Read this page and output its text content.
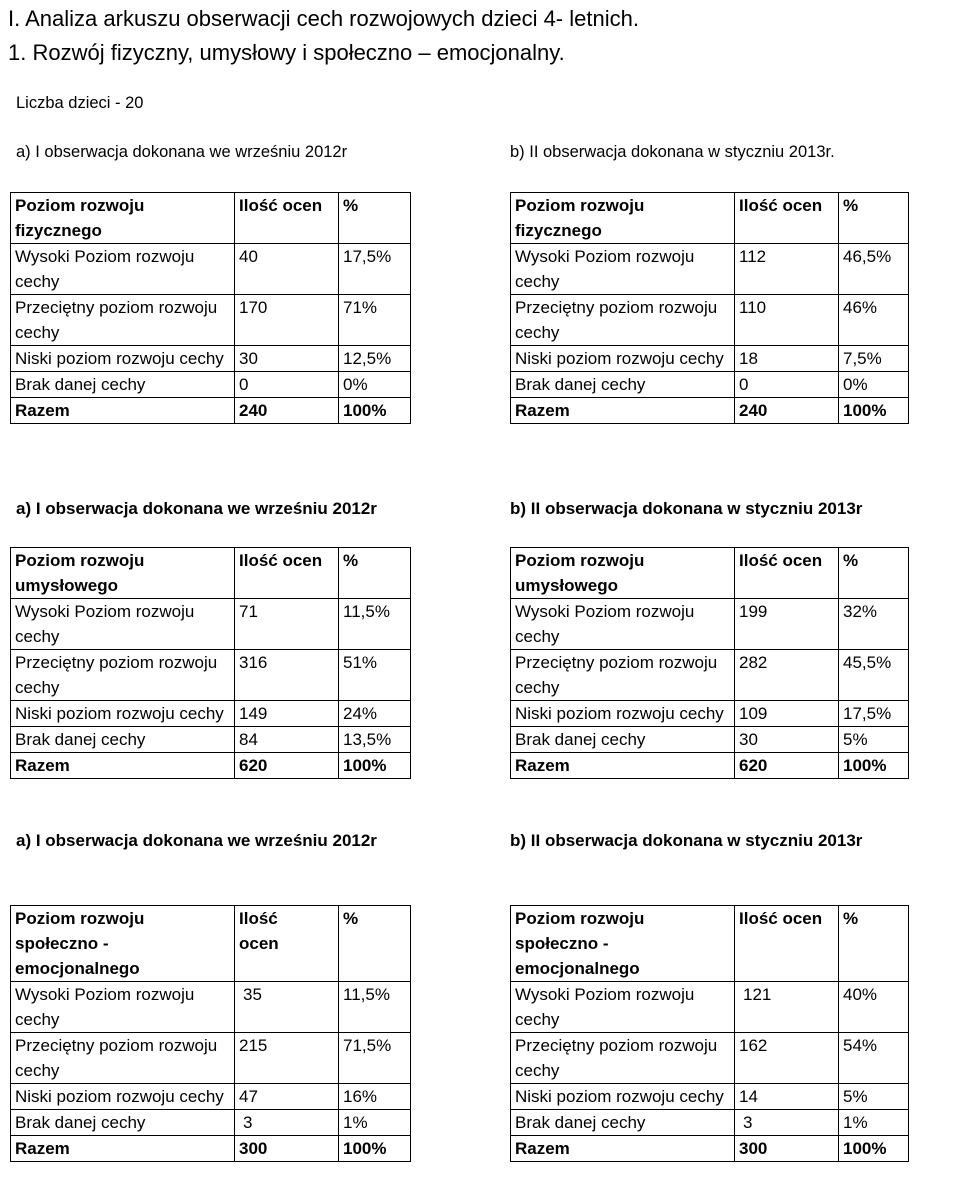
I. Analiza arkuszu obserwacji cech rozwojowych dzieci 4- letnich.
1. Rozwój fizyczny, umysłowy i społeczno – emocjonalny.
Liczba dzieci - 20
a) I obserwacja dokonana we wrześniu 2012r	b) II obserwacja dokonana w styczniu 2013r.
Poziom rozwoju fizycznego	Ilość ocen	%
Wysoki Poziom rozwoju cechy	40	17,5%
Przeciętny poziom rozwoju cechy	170	71%
Niski poziom rozwoju cechy	30	12,5%
Brak danej cechy	0	0%
Razem	240	100%
Poziom rozwoju fizycznego	Ilość ocen	%
Wysoki Poziom rozwoju cechy	112	46,5%
Przeciętny poziom rozwoju cechy	110	46%
Niski poziom rozwoju cechy	18	7,5%
Brak danej cechy	0	0%
Razem	240	100%
a) I obserwacja dokonana we wrześniu 2012r	b) II obserwacja dokonana w styczniu 2013r
Poziom rozwoju umysłowego	Ilość ocen	%
Wysoki Poziom rozwoju cechy	71	11,5%
Przeciętny poziom rozwoju cechy	316	51%
Niski poziom rozwoju cechy	149	24%
Brak danej cechy	84	13,5%
Razem	620	100%
Poziom rozwoju umysłowego	Ilość ocen	%
Wysoki Poziom rozwoju cechy	199	32%
Przeciętny poziom rozwoju cechy	282	45,5%
Niski poziom rozwoju cechy	109	17,5%
Brak danej cechy	30	5%
Razem	620	100%
a) I obserwacja dokonana we wrześniu 2012r	b) II obserwacja dokonana w styczniu 2013r
Poziom rozwoju społeczno - emocjonalnego	Ilość ocen	%
Wysoki Poziom rozwoju cechy	35	11,5%
Przeciętny poziom rozwoju cechy	215	71,5%
Niski poziom rozwoju cechy	47	16%
Brak danej cechy	3	1%
Razem	300	100%
Poziom rozwoju społeczno - emocjonalnego	Ilość ocen	%
Wysoki Poziom rozwoju cechy	121	40%
Przeciętny poziom rozwoju cechy	162	54%
Niski poziom rozwoju cechy	14	5%
Brak danej cechy	3	1%
Razem	300	100%
